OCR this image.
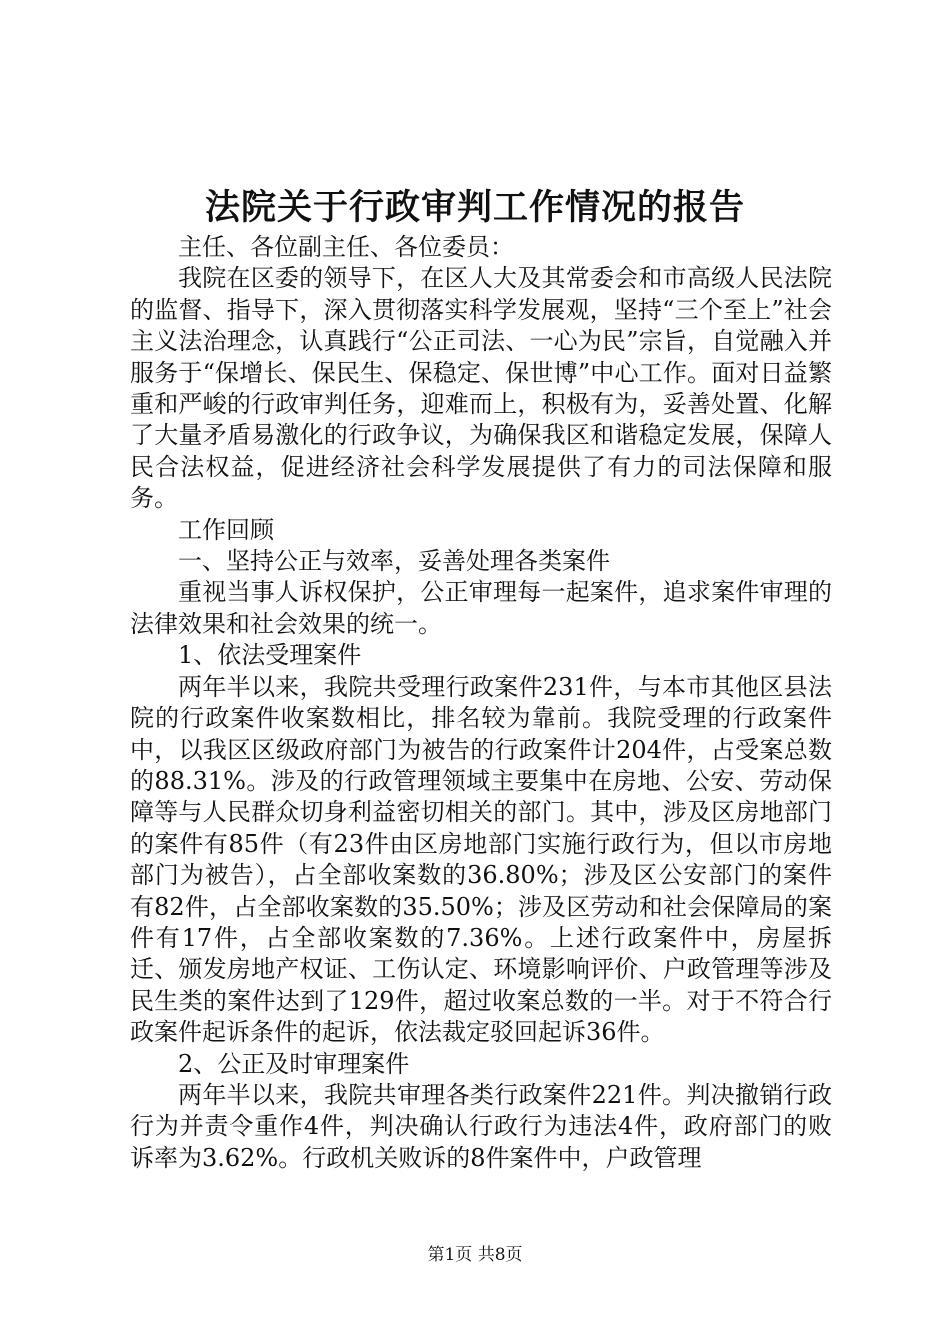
法院关于行政审判工作情况的报告

主任、各位副主任、各位委员：

我院在区委的领导下，在区人大及其常委会和市高级人民法院的监督、指导下，深入贯彻落实科学发展观，坚持“三个至上”社会主义法治理念，认真践行“公正司法、一心为民”宗旨，自觉融入并服务于“保增长、保民生、保稳定、保世博”中心工作。面对日益繁重和严峻的行政审判任务，迎难而上，积极有为，妥善处置、化解了大量矛盾易激化的行政争议，为确保我区和谐稳定发展，保障人民合法权益，促进经济社会科学发展提供了有力的司法保障和服务。

工作回顾

一、坚持公正与效率，妥善处理各类案件

重视当事人诉权保护，公正审理每一起案件，追求案件审理的法律效果和社会效果的统一。

1、依法受理案件

两年半以来，我院共受理行政案件231件，与本市其他区县法院的行政案件收案数相比，排名较为靠前。我院受理的行政案件中，以我区区级政府部门为被告的行政案件计204件，占受案总数的88.31%。涉及的行政管理领域主要集中在房地、公安、劳动保障等与人民群众切身利益密切相关的部门。其中，涉及区房地部门的案件有85件（有23件由区房地部门实施行政行为，但以市房地部门为被告），占全部收案数的36.80%；涉及区公安部门的案件有82件，占全部收案数的35.50%；涉及区劳动和社会保障局的案件有17件，占全部收案数的7.36%。上述行政案件中，房屋拆迁、颁发房地产权证、工伤认定、环境影响评价、户政管理等涉及民生类的案件达到了129件，超过收案总数的一半。对于不符合行政案件起诉条件的起诉，依法裁定驳回起诉36件。

2、公正及时审理案件

两年半以来，我院共审理各类行政案件221件。判决撤销行政行为并责令重作4件，判决确认行政行为违法4件，政府部门的败诉率为3.62%。行政机关败诉的8件案件中，户政管理

第1页 共8页
